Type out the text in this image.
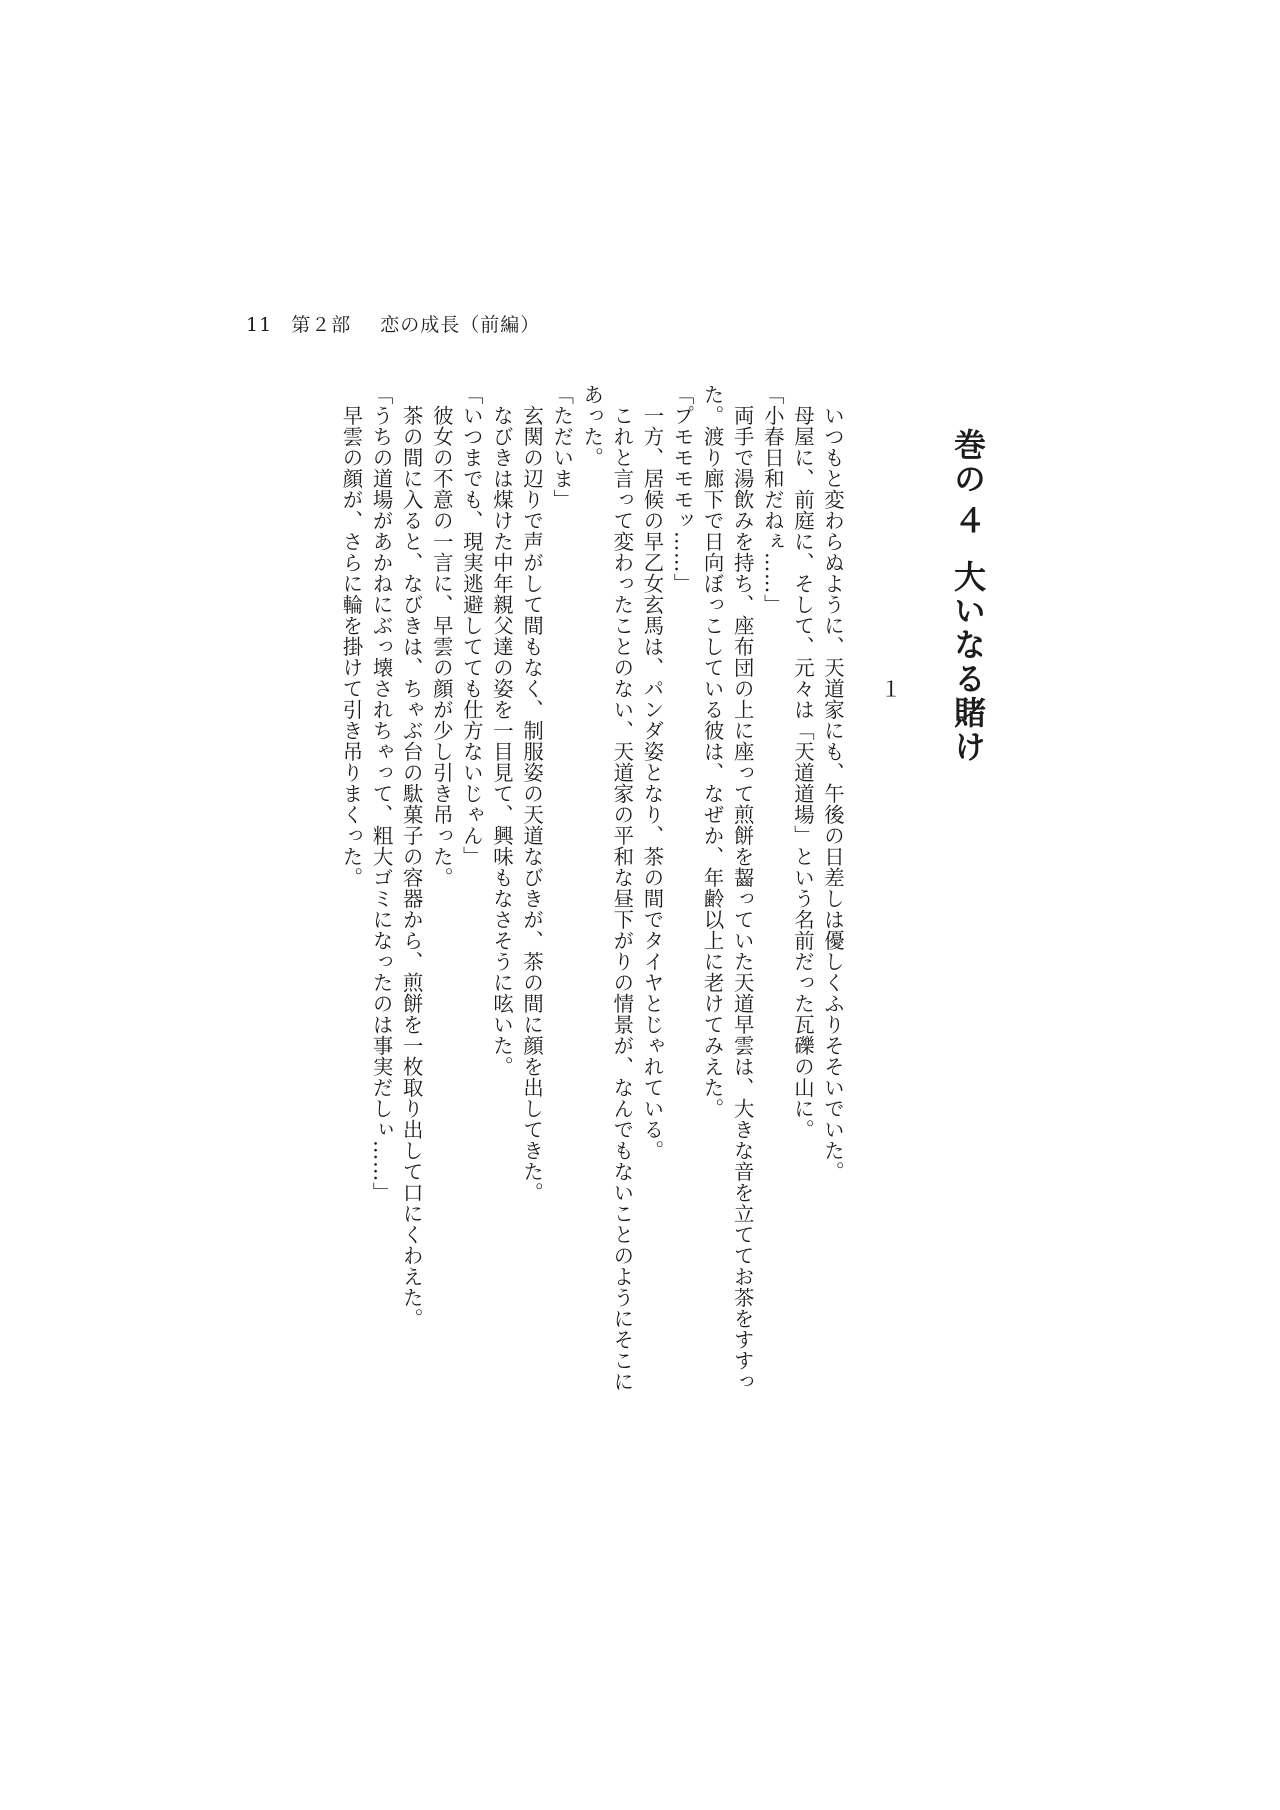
11 第２部 恋の成長（前編）
巻の４大いなる賭け
１

　いつもと変わらぬように、天道家にも、午後の日差しは優しくふりそそいでいた。

　母屋に、前庭に、そして、元々は「天道道場」という名前だった瓦礫の山に。

「小春日和だねぇ……」

　両手で湯飲みを持ち、座布団の上に座って煎餅を齧っていた天道早雲は、大きな音を立ててお茶をすすった。渡り廊下で日向ぼっこしている彼は、なぜか、年齢以上に老けてみえた。

「プモモモモッ……」

　一方、居候の早乙女玄馬は、パンダ姿となり、茶の間でタイヤとじゃれている。

　これと言って変わったことのない、天道家の平和な昼下がりの情景が、なんでもないことのようにそこにあった。

「ただいま」

　玄関の辺りで声がして間もなく、制服姿の天道なびきが、茶の間に顔を出してきた。

　なびきは煤けた中年親父達の姿を一目見て、興味もなさそうに呟いた。

「いつまでも、現実逃避してても仕方ないじゃん」

　彼女の不意の一言に、早雲の顔が少し引き吊った。

　茶の間に入ると、なびきは、ちゃぶ台の駄菓子の容器から、煎餅を一枚取り出して口にくわえた。

「うちの道場があかねにぶっ壊されちゃって、粗大ゴミになったのは事実だしぃ……」

　早雲の顔が、さらに輪を掛けて引き吊りまくった。
